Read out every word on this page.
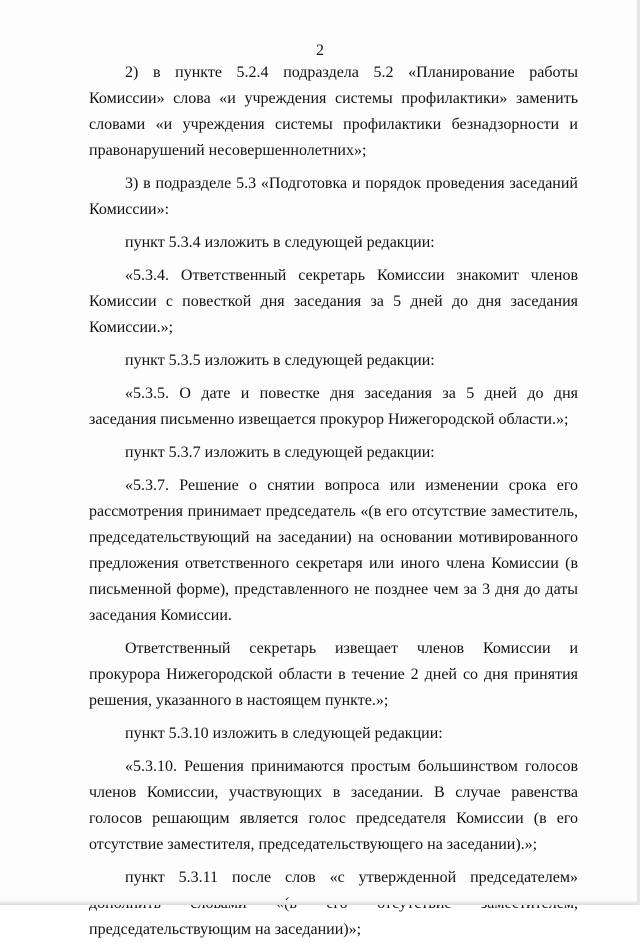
2

2) в пункте 5.2.4 подраздела 5.2 «Планирование работы Комиссии» слова «и учреждения системы профилактики» заменить словами «и учреждения системы профилактики безнадзорности и правонарушений несовершеннолетних»;

3) в подразделе 5.3 «Подготовка и порядок проведения заседаний Комиссии»:

пункт 5.3.4 изложить в следующей редакции:

«5.3.4. Ответственный секретарь Комиссии знакомит членов Комиссии с повесткой дня заседания за 5 дней до дня заседания Комиссии.»;

пункт 5.3.5 изложить в следующей редакции:

«5.3.5. О дате и повестке дня заседания за 5 дней до дня заседания письменно извещается прокурор Нижегородской области.»;

пункт 5.3.7 изложить в следующей редакции:

«5.3.7. Решение о снятии вопроса или изменении срока его рассмотрения принимает председатель «(в его отсутствие заместитель, председательствующий на заседании) на основании мотивированного предложения ответственного секретаря или иного члена Комиссии (в письменной форме), представленного не позднее чем за 3 дня до даты заседания Комиссии.

Ответственный секретарь извещает членов Комиссии и прокурора Нижегородской области в течение 2 дней со дня принятия решения, указанного в настоящем пункте.»;

пункт 5.3.10 изложить в следующей редакции:

«5.3.10. Решения принимаются простым большинством голосов членов Комиссии, участвующих в заседании. В случае равенства голосов решающим является голос председателя Комиссии (в его отсутствие заместителя, председательствующего на заседании).»;

пункт 5.3.11 после слов «с утвержденной председателем» председательствующим на заседании)»;
